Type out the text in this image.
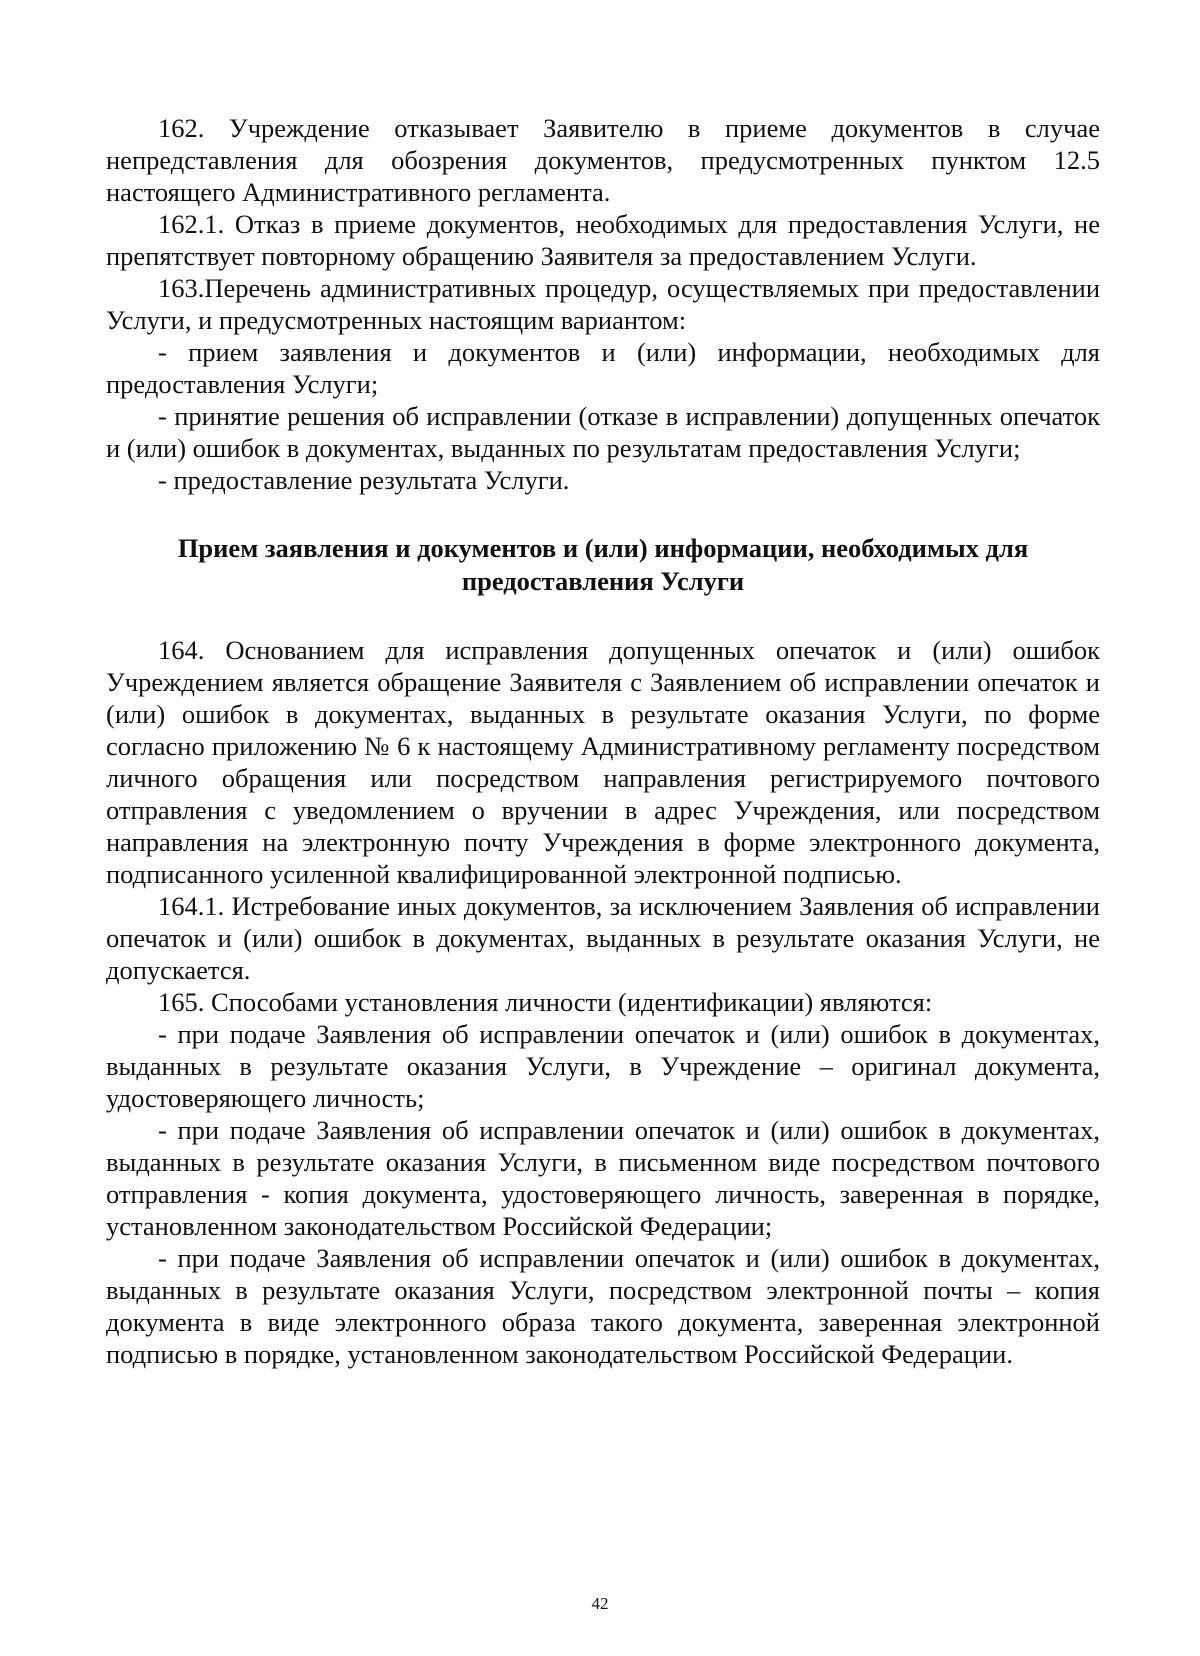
162. Учреждение отказывает Заявителю в приеме документов в случае непредставления для обозрения документов, предусмотренных пунктом 12.5 настоящего Административного регламента.

162.1. Отказ в приеме документов, необходимых для предоставления Услуги, не препятствует повторному обращению Заявителя за предоставлением Услуги.

163.Перечень административных процедур, осуществляемых при предоставлении Услуги, и предусмотренных настоящим вариантом:

- прием заявления и документов и (или) информации, необходимых для предоставления Услуги;

- принятие решения об исправлении (отказе в исправлении) допущенных опечаток и (или) ошибок в документах, выданных по результатам предоставления Услуги;

- предоставление результата Услуги.

Прием заявления и документов и (или) информации, необходимых для предоставления Услуги

164. Основанием для исправления допущенных опечаток и (или) ошибок Учреждением является обращение Заявителя с Заявлением об исправлении опечаток и (или) ошибок в документах, выданных в результате оказания Услуги, по форме согласно приложению № 6 к настоящему Административному регламенту посредством личного обращения или посредством направления регистрируемого почтового отправления с уведомлением о вручении в адрес Учреждения, или посредством направления на электронную почту Учреждения в форме электронного документа, подписанного усиленной квалифицированной электронной подписью.

164.1. Истребование иных документов, за исключением Заявления об исправлении опечаток и (или) ошибок в документах, выданных в результате оказания Услуги, не допускается.

165. Способами установления личности (идентификации) являются:

- при подаче Заявления об исправлении опечаток и (или) ошибок в документах, выданных в результате оказания Услуги, в Учреждение – оригинал документа, удостоверяющего личность;

- при подаче Заявления об исправлении опечаток и (или) ошибок в документах, выданных в результате оказания Услуги, в письменном виде посредством почтового отправления - копия документа, удостоверяющего личность, заверенная в порядке, установленном законодательством Российской Федерации;

- при подаче Заявления об исправлении опечаток и (или) ошибок в документах, выданных в результате оказания Услуги, посредством электронной почты – копия документа в виде электронного образа такого документа, заверенная электронной подписью в порядке, установленном законодательством Российской Федерации.

42
